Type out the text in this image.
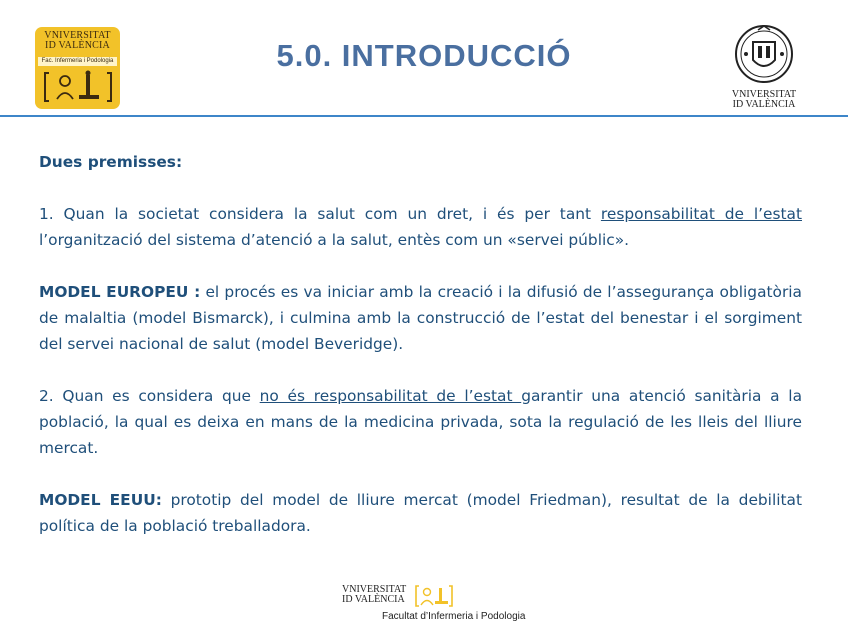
VNIVERSITAT
ID VALÈNCIA
Fac. Infermeria i Podologia	5.0. INTRODUCCIÓ
VNIVERSITAT
ID VALÈNCIA

Dues premisses:

1. Quan la societat considera la salut com un dret, i és per tant responsabilitat de l’estat l’organització del sistema d’atenció a la salut, entès com un «servei públic».

MODEL EUROPEU : el procés es va iniciar amb la creació i la difusió de l’assegurança obligatòria de malaltia (model Bismarck), i culmina amb la construcció de l’estat del benestar i el sorgiment del servei nacional de salut (model Beveridge).

2. Quan es considera que no és responsabilitat de l’estat garantir una atenció sanitària a la població, la qual es deixa en mans de la medicina privada, sota la regulació de les lleis del lliure mercat.

MODEL EEUU: prototip del model de lliure mercat (model Friedman), resultat de la debilitat política de la població treballadora.

VNIVERSITAT
ID VALÈNCIA
Facultat d’Infermeria i Podologia
